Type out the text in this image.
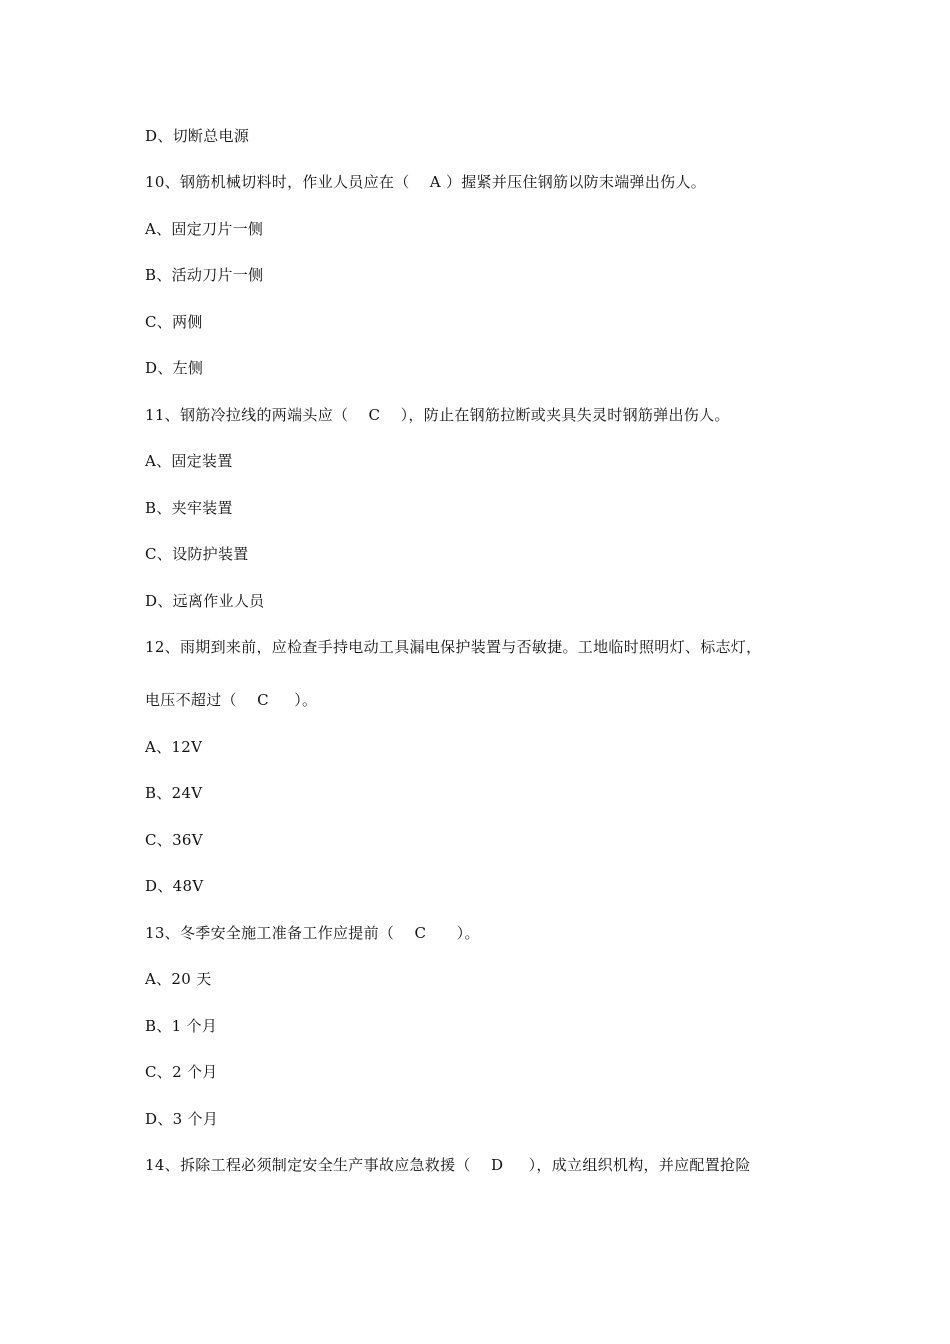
D、切断总电源
10、钢筋机械切料时，作业人员应在（    A ）握紧并压住钢筋以防末端弹出伤人。
A、固定刀片一侧
B、活动刀片一侧
C、两侧
D、左侧
11、钢筋冷拉线的两端头应（    C    ），防止在钢筋拉断或夹具失灵时钢筋弹出伤人。
A、固定装置
B、夹牢装置
C、设防护装置
D、远离作业人员
12、雨期到来前，应检查手持电动工具漏电保护装置与否敏捷。工地临时照明灯、标志灯，
电压不超过（    C     ）。
A、12V
B、24V
C、36V
D、48V
13、冬季安全施工准备工作应提前（    C      ）。
A、20 天
B、1 个月
C、2 个月
D、3 个月
14、拆除工程必须制定安全生产事故应急救援（    D     ），成立组织机构，并应配置抢险
